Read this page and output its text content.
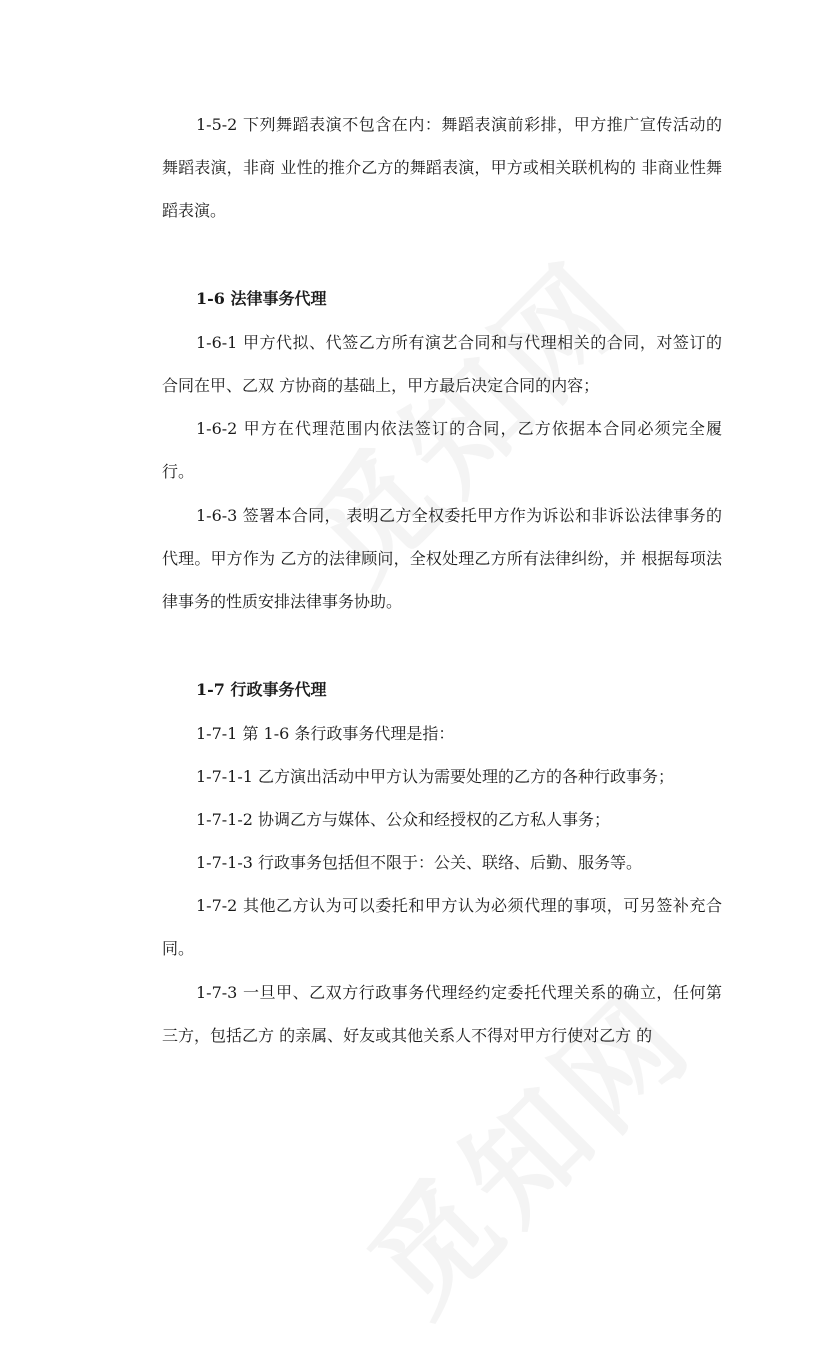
1-5-2 下列舞蹈表演不包含在内：舞蹈表演前彩排，甲方推广宣传活动的舞蹈表演，非商 业性的推介乙方的舞蹈表演，甲方或相关联机构的 非商业性舞蹈表演。

1-6 法律事务代理

1-6-1 甲方代拟、代签乙方所有演艺合同和与代理相关的合同，对签订的合同在甲、乙双 方协商的基础上，甲方最后决定合同的内容；

1-6-2 甲方在代理范围内依法签订的合同，乙方依据本合同必须完全履行。

1-6-3 签署本合同， 表明乙方全权委托甲方作为诉讼和非诉讼法律事务的代理。甲方作为 乙方的法律顾问，全权处理乙方所有法律纠纷，并 根据每项法律事务的性质安排法律事务协助。

1-7 行政事务代理

1-7-1 第 1-6 条行政事务代理是指：

1-7-1-1 乙方演出活动中甲方认为需要处理的乙方的各种行政事务；

1-7-1-2 协调乙方与媒体、公众和经授权的乙方私人事务；

1-7-1-3 行政事务包括但不限于：公关、联络、后勤、服务等。

1-7-2 其他乙方认为可以委托和甲方认为必须代理的事项，可另签补充合同。

1-7-3 一旦甲、乙双方行政事务代理经约定委托代理关系的确立，任何第三方，包括乙方 的亲属、好友或其他关系人不得对甲方行使对乙方 的
